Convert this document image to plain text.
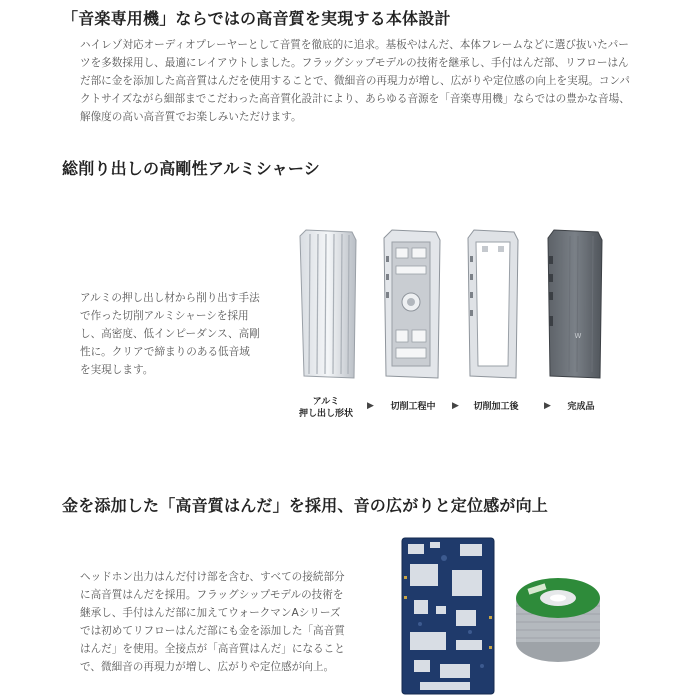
「音楽専用機」ならではの高音質を実現する本体設計

ハイレゾ対応オーディオプレーヤーとして音質を徹底的に追求。基板やはんだ、本体フレームなどに選び抜いたパーツを多数採用し、最適にレイアウトしました。フラッグシップモデルの技術を継承し、手付はんだ部、リフローはんだ部に金を添加した高音質はんだを使用することで、微細音の再現力が増し、広がりや定位感の向上を実現。コンパクトサイズながら細部までこだわった高音質化設計により、あらゆる音源を「音楽専用機」ならではの豊かな音場、解像度の高い高音質でお楽しみいただけます。

総削り出しの高剛性アルミシャーシ

アルミの押し出し材から削り出す手法で作った切削アルミシャーシを採用し、高密度、低インピーダンス、高剛性に。クリアで締まりのある低音域を実現します。

W
アルミ
押し出し形状
▶	切削工程中	▶	切削加工後	▶	完成品
金を添加した「高音質はんだ」を採用、音の広がりと定位感が向上

ヘッドホン出力はんだ付け部を含む、すべての接続部分に高音質はんだを採用。フラッグシップモデルの技術を継承し、手付はんだ部に加えてウォークマンAシリーズでは初めてリフローはんだ部にも金を添加した「高音質はんだ」を使用。全接点が「高音質はんだ」になることで、微細音の再現力が増し、広がりや定位感が向上。
